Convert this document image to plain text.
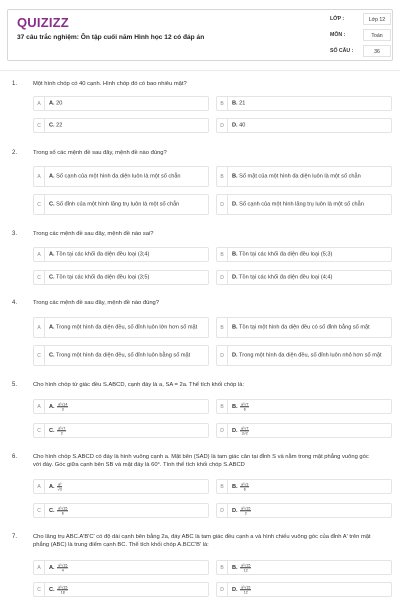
QUIZIZZ
37 câu trắc nghiệm: Ôn tập cuối năm Hình học 12 có đáp án
LỚP :	Lớp 12
MÔN :	Toán
SỐ CÂU :	36
1.	Một hình chóp có 40 cạnh. Hình chóp đó có bao nhiêu mặt?
A	A. 20	B	B. 21
C	C. 22	D	D. 40
2.	Trong số các mệnh đề sau đây, mệnh đề nào đúng?
A	A. Số cạnh của một hình đa diện luôn là một số chẵn	B	B. Số mặt của một hình đa diện luôn là một số chẵn
C	C. Số đỉnh của một hình lăng trụ luôn là một số chẵn	D	D. Số cạnh của một hình lăng trụ luôn là một số chẵn
3.	Trong các mệnh đề sau đây, mệnh đề nào sai?
A	A. Tồn tại các khối đa diện đều loại (3;4)	B	B. Tồn tại các khối đa diện đều loại (5;3)
C	C. Tồn tại các khối đa diện đều loại (3;5)	D	D. Tồn tại các khối đa diện đều loại (4;4)
4.	Trong các mệnh đề sau đây, mệnh đề nào đúng?
A	A. Trong một hình đa diện đều, số đỉnh luôn lớn hơn số mặt	B	B. Tồn tại một hình đa diện đều có số đỉnh bằng số mặt
C	C. Trong một hình đa diện đều, số đỉnh luôn bằng số mặt	D	D. Trong một hình đa diện đều, số đỉnh luôn nhỏ hơn số mặt
5.	Cho hình chóp tứ giác đều S.ABCD, cạnh đáy là a, SA = 2a. Thể tích khối chóp là:
A	A. $\frac{\text{a³√14}}{3}$	B	B. $\frac{\text{a³√7}}{6}$
C	C. $\frac{\text{a³√7}}{2}$	D	D. $\frac{\text{a³√7}}{3√2}$
6.	Cho hình chóp S.ABCD có đáy là hình vuông cạnh a. Mặt bên (SAD) là tam giác cân tại đỉnh S và nằm trong mặt phẳng vuông góc với đáy. Góc giữa cạnh bên SB và mặt đáy là 60°. Tính thể tích khối chóp S.ABCD
A	A. $\frac{\text{a³}}{√3}$	B	B. $\frac{\text{a³√3}}{6}$
C	C. $\frac{\text{a³√15}}{6}$	D	D. $\frac{\text{a³√15}}{2}$
7.	Cho lăng trụ ABC.A'B'C' có độ dài cạnh bên bằng 2a, đáy ABC là tam giác đều cạnh a và hình chiếu vuông góc của đỉnh A' trên mặt phẳng (ABC) là trung điểm cạnh BC. Thể tích khối chóp A.BCC'B' là:
A	A. $\frac{\text{a³√15}}{4}$	B	B. $\frac{\text{a³√15}}{12}$
C	C. $\frac{\text{a³√15}}{18}$	D	D. $\frac{\text{a³√15}}{12}$
